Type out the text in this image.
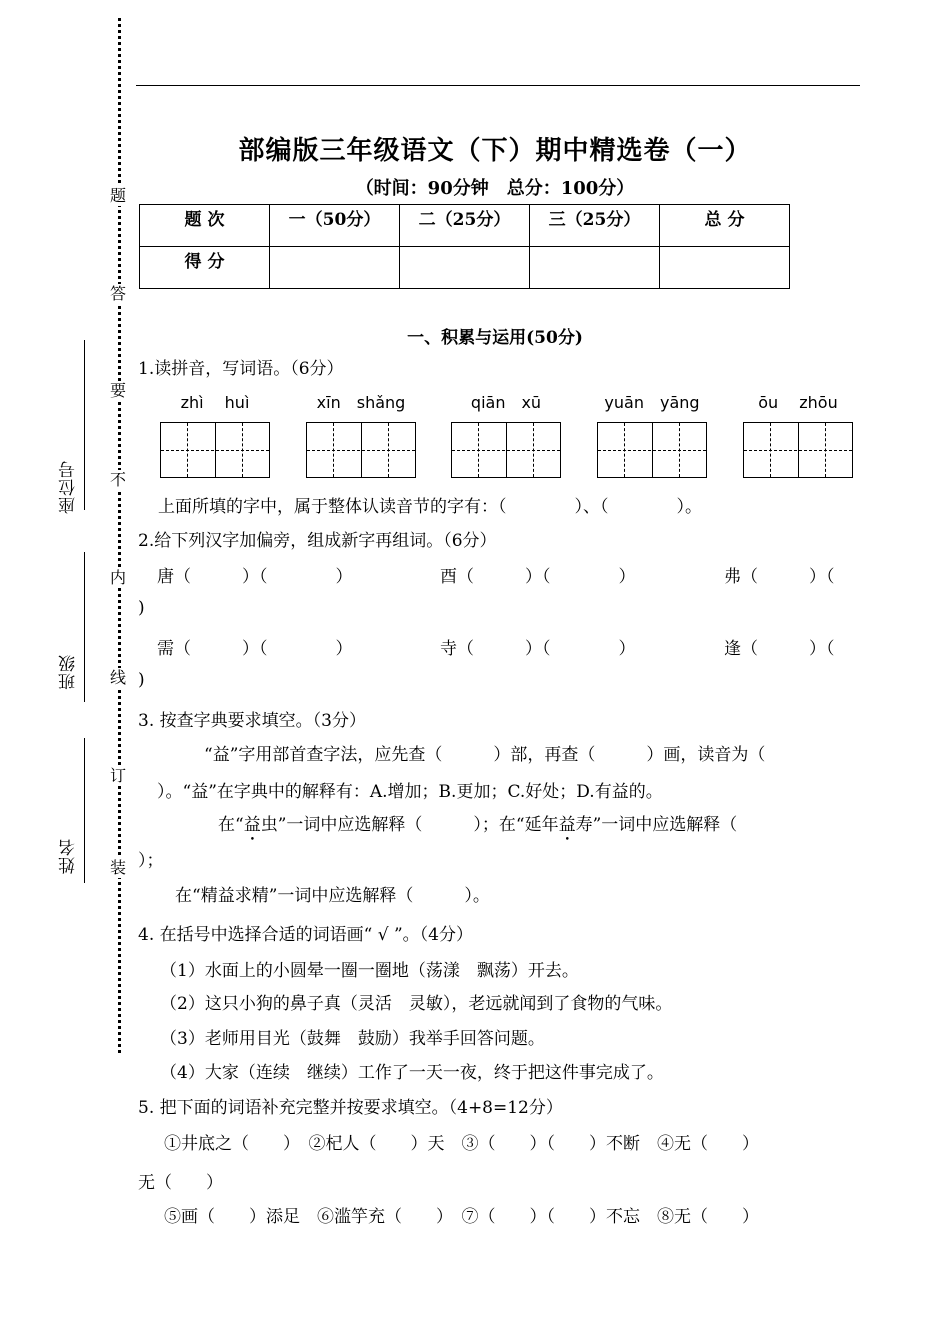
题
答
要
不
内
线
订
装
座位号
班级
姓名
部编版三年级语文（下）期中精选卷（一）
（时间：90分钟　总分：100分）
题 次	一（50分）	二（25分）	三（25分）	总 分
得 分				
一、积累与运用(50分)
1.读拼音，写词语。（6分）
zhì　 huì	xīn　shǎng	qiān　xū	yuān　yāng	ōu　 zhōu
上面所填的字中，属于整体认读音节的字有：（　　　　）、（　　　　）。
2.给下列汉字加偏旁，组成新字再组词。（6分）
唐（　　　）（　　　　）	酉（　　　）（　　　　）	弗（　　　）（
)
需（　　　）（　　　　）	寺（　　　）（　　　　）	逢（　　　）（
)
3. 按查字典要求填空。（3分）
“益”字用部首查字法，应先查（　　　）部，再查（　　　）画，读音为（
）。“益”在字典中的解释有：A.增加；B.更加；C.好处；D.有益的。
在“益虫”一词中应选解释（　　　）；在“延年益寿”一词中应选解释（
）；
在“精益求精”一词中应选解释（　　　）。
4. 在括号中选择合适的词语画“ √ ”。（4分）
（1）水面上的小圆晕一圈一圈地（荡漾　飘荡）开去。
（2）这只小狗的鼻子真（灵活　灵敏），老远就闻到了食物的气味。
（3）老师用目光（鼓舞　鼓励）我举手回答问题。
（4）大家（连续　继续）工作了一天一夜，终于把这件事完成了。
5. 把下面的词语补充完整并按要求填空。（4+8=12分）
①井底之（　　）　②杞人（　　）天　③（　　）（　　）不断　④无（　　）
无（　　）
⑤画（　　）添足　⑥滥竽充（　　）　⑦（　　）（　　）不忘　⑧无（　　）
